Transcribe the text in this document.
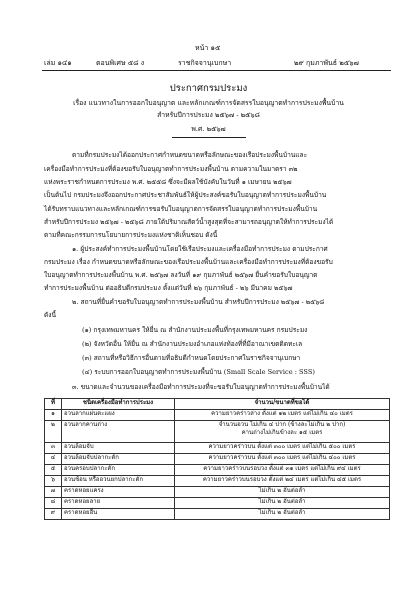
หน้า ๑๕
เล่ม ๑๔๑	ตอนพิเศษ ๕๘ ง	ราชกิจจานุเบกษา	๒๙ กุมภาพันธ์ ๒๕๖๗
ประกาศกรมประมง
เรื่อง แนวทางในการออกใบอนุญาต และหลักเกณฑ์การจัดสรรใบอนุญาตทำการประมงพื้นบ้าน
สำหรับปีการประมง ๒๕๖๗ - ๒๕๖๘
พ.ศ. ๒๕๖๗
ตามที่กรมประมงได้ออกประกาศกำหนดขนาดหรือลักษณะของเรือประมงพื้นบ้านและ
เครื่องมือทำการประมงที่ต้องขอรับใบอนุญาตทำการประมงพื้นบ้าน ตามความในมาตรา ๓๒
แห่งพระราชกำหนดการประมง พ.ศ. ๒๕๕๘ ซึ่งจะมีผลใช้บังคับในวันที่ ๑ เมษายน ๒๕๖๗
เป็นต้นไป กรมประมงจึงออกประกาศประชาสัมพันธ์ให้ผู้ประสงค์ขอรับใบอนุญาตทำการประมงพื้นบ้าน
ได้รับทราบแนวทางและหลักเกณฑ์การขอรับใบอนุญาตการจัดสรรใบอนุญาตทำการประมงพื้นบ้าน
สำหรับปีการประมง ๒๕๖๗ - ๒๕๖๘ ภายใต้ปริมาณสัตว์น้ำสูงสุดที่จะสามารถอนุญาตให้ทำการประมงได้
ตามที่คณะกรรมการนโยบายการประมงแห่งชาติเห็นชอบ ดังนี้
๑. ผู้ประสงค์ทำการประมงพื้นบ้านโดยใช้เรือประมงและเครื่องมือทำการประมง ตามประกาศ
กรมประมง เรื่อง กำหนดขนาดหรือลักษณะของเรือประมงพื้นบ้านและเครื่องมือทำการประมงที่ต้องขอรับ
ใบอนุญาตทำการประมงพื้นบ้าน พ.ศ. ๒๕๖๗ ลงวันที่ ๑๙ กุมภาพันธ์ ๒๕๖๗ ยื่นคำขอรับใบอนุญาต
ทำการประมงพื้นบ้าน ต่ออธิบดีกรมประมง ตั้งแต่วันที่ ๒๖ กุมภาพันธ์ - ๒๖ มีนาคม ๒๕๖๗
๒. สถานที่ยื่นคำขอรับใบอนุญาตทำการประมงพื้นบ้าน สำหรับปีการประมง ๒๕๖๗ - ๒๕๖๘
ดังนี้
(๑) กรุงเทพมหานคร ให้ยื่น ณ สำนักงานประมงพื้นที่กรุงเทพมหานคร กรมประมง
(๒) จังหวัดอื่น ให้ยื่น ณ สำนักงานประมงอำเภอแห่งท้องที่ที่มีอาณาเขตติดทะเล
(๓) สถานที่หรือวิธีการอื่นตามที่อธิบดีกำหนดโดยประกาศในราชกิจจานุเบกษา
(๔) ระบบการออกใบอนุญาตทำการประมงพื้นบ้าน (Small Scale Service : SSS)
๓. ขนาดและจำนวนของเครื่องมือทำการประมงที่จะขอรับใบอนุญาตทำการประมงพื้นบ้านได้
ที่	ชนิดเครื่องมือทำการประมง	จำนวน/ขนาดที่ขอได้
๑	อวนลากแผ่นตะแผง	ความยาวคร่าวล่าง ตั้งแต่ ๑๒ เมตร แต่ไม่เกิน ๔๐ เมตร
๒	อวนลากคานถ่าง	จำนวนอวน ไม่เกิน ๔ ปาก (ข้างละไม่เกิน ๒ ปาก)
คานถ่างไม่เกินข้างละ ๑๕ เมตร

๓	อวนล้อมจับ	ความยาวคร่าวบน ตั้งแต่ ๓๐๐ เมตร แต่ไม่เกิน ๕๐๐ เมตร
๔	อวนล้อมจับปลากะตัก	ความยาวคร่าวบน ตั้งแต่ ๓๐๐ เมตร แต่ไม่เกิน ๔๐๐ เมตร
๕	อวนครอบปลากะตัก	ความยาวคร่าวบนรอบวง ตั้งแต่ ๓๑ เมตร แต่ไม่เกิน ๙๔ เมตร
๖	อวนช้อน หรืออวนยกปลากะตัก	ความยาวคร่าวบนรอบวง ตั้งแต่ ๒๔ เมตร แต่ไม่เกิน ๔๕ เมตร
๗	คราดหอยแครง	ไม่เกิน ๒ อันต่อลำ
๘	คราดหอยลาย	ไม่เกิน ๒ อันต่อลำ
๙	คราดหอยอื่น	ไม่เกิน ๒ อันต่อลำ
